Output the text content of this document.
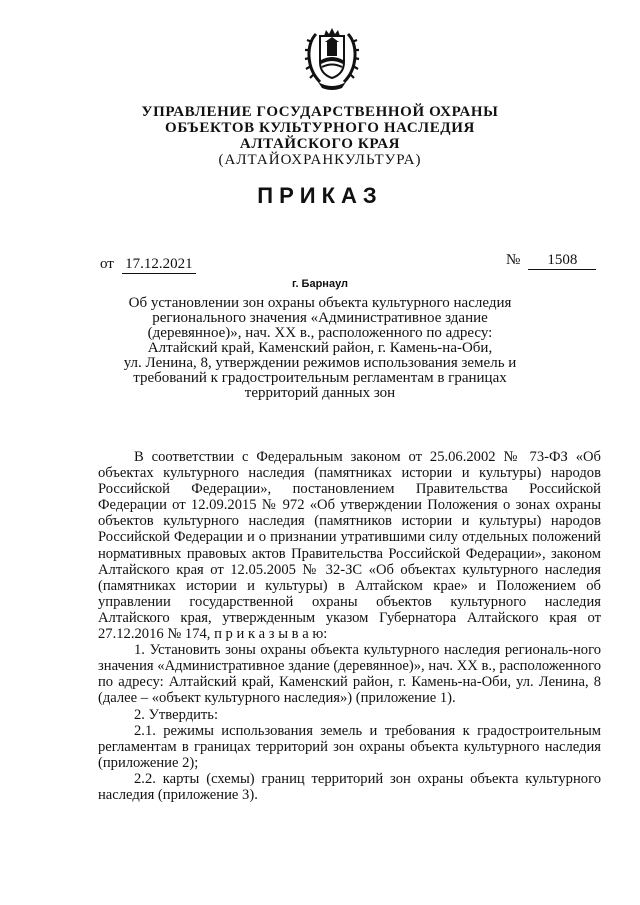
УПРАВЛЕНИЕ ГОСУДАРСТВЕННОЙ ОХРАНЫ
ОБЪЕКТОВ КУЛЬТУРНОГО НАСЛЕДИЯ
АЛТАЙСКОГО КРАЯ
(АЛТАЙОХРАНКУЛЬТУРА)
ПРИКАЗ
от 17.12.2021	№ 1508
г. Барнаул
Об установлении зон охраны объекта культурного наследия
регионального значения «Административное здание
(деревянное)», нач. XX в., расположенного по адресу:
Алтайский край, Каменский район, г. Камень-на-Оби,
ул. Ленина, 8, утверждении режимов использования земель и
требований к градостроительным регламентам в границах
территорий данных зон

В соответствии с Федеральным законом от 25.06.2002 № 73-ФЗ «Об объектах культурного наследия (памятниках истории и культуры) народов Российской Федерации», постановлением Правительства Российской Федерации от 12.09.2015 № 972 «Об утверждении Положения о зонах охраны объектов культурного наследия (памятников истории и культуры) народов Российской Федерации и о признании утратившими силу отдельных положений нормативных правовых актов Правительства Российской Федерации», законом Алтайского края от 12.05.2005 № 32-ЗС «Об объектах культурного наследия (памятниках истории и культуры) в Алтайском крае» и Положением об управлении государственной охраны объектов культурного наследия Алтайского края, утвержденным указом Губернатора Алтайского края от 27.12.2016 № 174, п р и к а з ы в а ю:

1. Установить зоны охраны объекта культурного наследия региональ-ного значения «Административное здание (деревянное)», нач. XX в., расположенного по адресу: Алтайский край, Каменский район, г. Камень-на-Оби, ул. Ленина, 8 (далее – «объект культурного наследия») (приложение 1).

2. Утвердить:

2.1. режимы использования земель и требования к градостроительным регламентам в границах территорий зон охраны объекта культурного наследия (приложение 2);

2.2. карты (схемы) границ территорий зон охраны объекта культурного наследия (приложение 3).
